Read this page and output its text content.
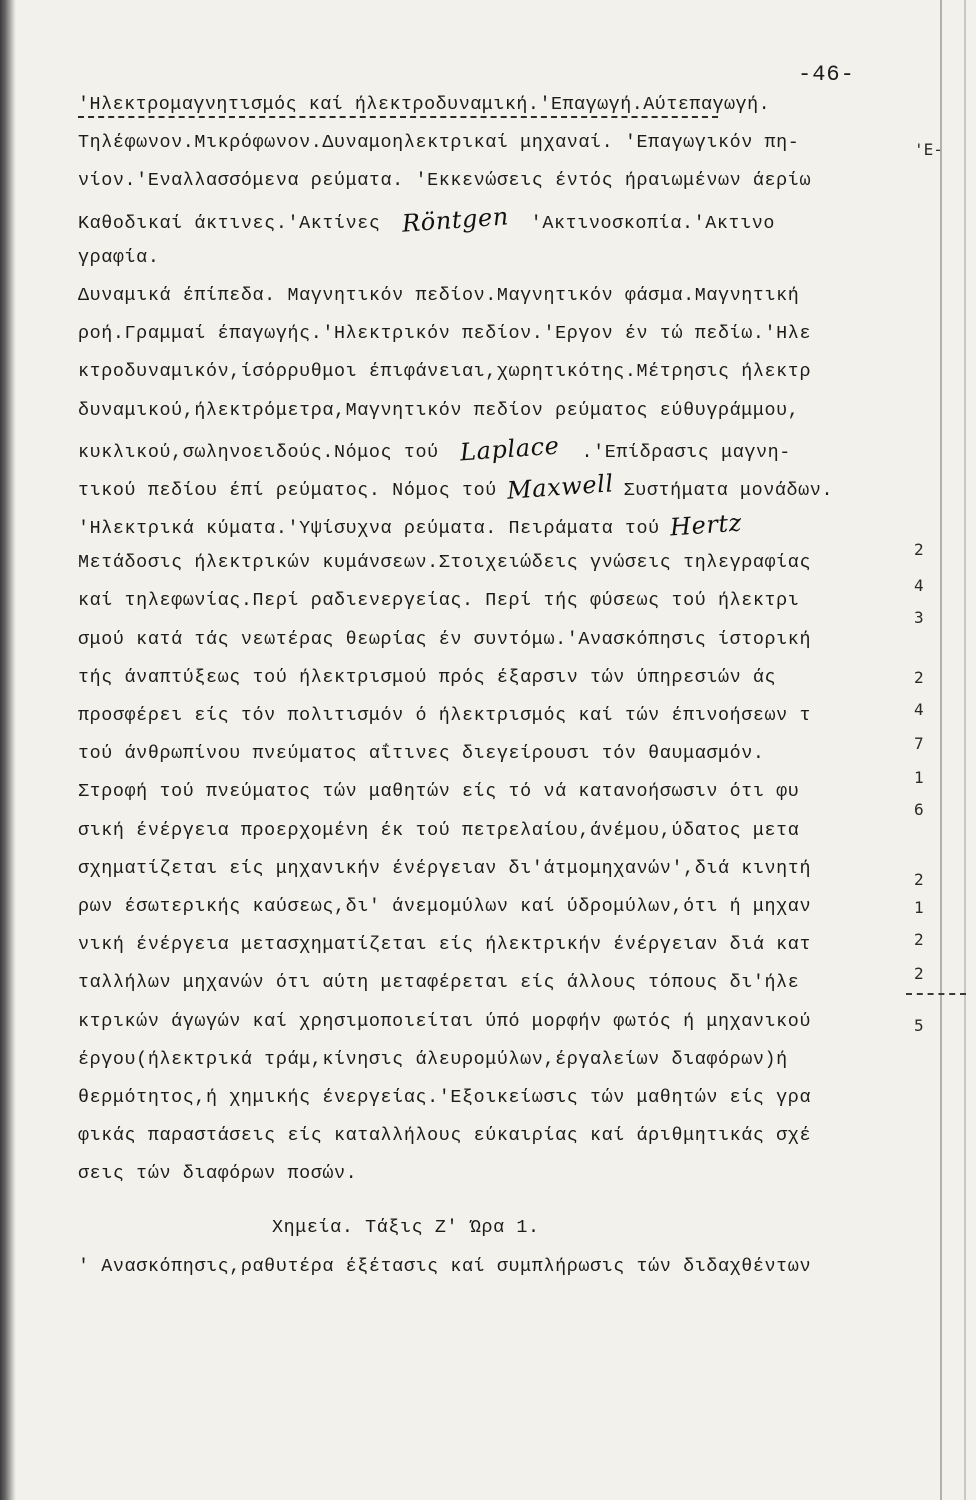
-46-
'Ηλεκτρομαγνητισμός καί ήλεκτροδυναμική.'Επαγωγή.Αύτεπαγωγή.
Τηλέφωνον.Μικρόφωνον.Δυναμοηλεκτρικαί μηχαναί. 'Επαγωγικόν πη-
νίον.'Εναλλασσόμενα ρεύματα. 'Εκκενώσεις έντός ήραιωμένων άερίω
Καθοδικαί άκτινες.'Ακτίνες Röntgen 'Ακτινοσκοπία.'Ακτινο
γραφία.
Δυναμικά έπίπεδα. Μαγνητικόν πεδίον.Μαγνητικόν φάσμα.Μαγνητική
ροή.Γραμμαί έπαγωγής.'Ηλεκτρικόν πεδίον.'Εργον έν τώ πεδίω.'Ηλε
κτροδυναμικόν,ίσόρρυθμοι έπιφάνειαι,χωρητικότης.Μέτρησις ήλεκτρ
δυναμικού,ήλεκτρόμετρα,Μαγνητικόν πεδίον ρεύματος εύθυγράμμου,
κυκλικού,σωληνοειδούς.Νόμος τού Laplace .'Επίδρασις μαγνη-
τικού πεδίου έπί ρεύματος. Νόμος τού Maxwell Συστήματα μονάδων.
'Ηλεκτρικά κύματα.'Υψίσυχνα ρεύματα. Πειράματα τού Hertz
Μετάδοσις ήλεκτρικών κυμάνσεων.Στοιχειώδεις γνώσεις τηλεγραφίας
καί τηλεφωνίας.Περί ραδιενεργείας. Περί τής φύσεως τού ήλεκτρι
σμού κατά τάς νεωτέρας θεωρίας έν συντόμω.'Ανασκόπησις ίστορική
τής άναπτύξεως τού ήλεκτρισμού πρός έξαρσιν τών ύπηρεσιών άς
προσφέρει είς τόν πολιτισμόν ό ήλεκτρισμός καί τών έπινοήσεων τ
τού άνθρωπίνου πνεύματος αΐτινες διεγείρουσι τόν θαυμασμόν.
Στροφή τού πνεύματος τών μαθητών είς τό νά κατανοήσωσιν ότι φυ
σική ένέργεια προερχομένη έκ τού πετρελαίου,άνέμου,ύδατος μετα
σχηματίζεται είς μηχανικήν ένέργειαν δι'άτμομηχανών',διά κινητή
ρων έσωτερικής καύσεως,δι' άνεμομύλων καί ύδρομύλων,ότι ή μηχαν
νική ένέργεια μετασχηματίζεται είς ήλεκτρικήν ένέργειαν διά κατ
ταλλήλων μηχανών ότι αύτη μεταφέρεται είς άλλους τόπους δι'ήλε
κτρικών άγωγών καί χρησιμοποιείται ύπό μορφήν φωτός ή μηχανικού
έργου(ήλεκτρικά τράμ,κίνησις άλευρομύλων,έργαλείων διαφόρων)ή
θερμότητος,ή χημικής ένεργείας.'Εξοικείωσις τών μαθητών είς γρα
φικάς παραστάσεις είς καταλλήλους εύκαιρίας καί άριθμητικάς σχέ
σεις τών διαφόρων ποσών.
Χημεία. Τάξις Ζ' Ώρα 1.
' Ανασκόπησις,ραθυτέρα έξέτασις καί συμπλήρωσις τών διδαχθέντων
'Ε-
2
4
3
2
4
7
1
6
2
1
2
2
5
